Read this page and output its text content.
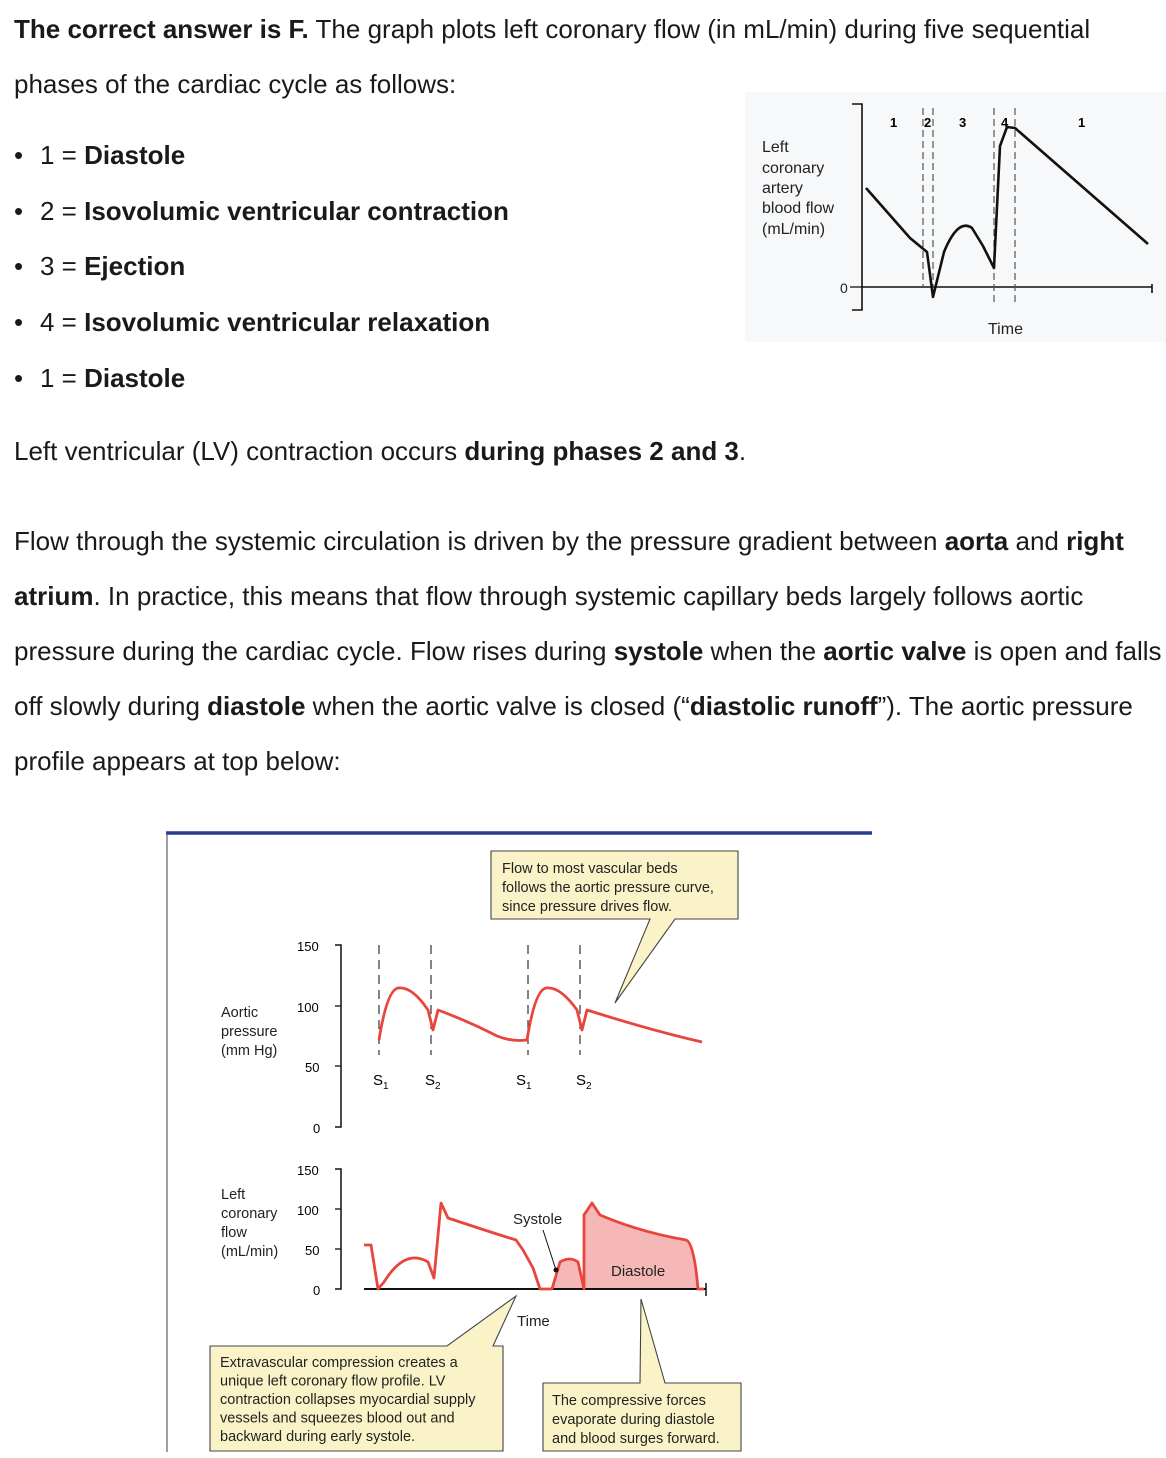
The correct answer is F. The graph plots left coronary flow (in mL/min) during five sequential phases of the cardiac cycle as follows:

• 1 = Diastole
• 2 = Isovolumic ventricular contraction
• 3 = Ejection
• 4 = Isovolumic ventricular relaxation
• 1 = Diastole
Left coronary artery blood flow (mL/min)
0
Time
1 2 3	4	1

Left ventricular (LV) contraction occurs during phases 2 and 3.

Flow through the systemic circulation is driven by the pressure gradient between aorta and right atrium. In practice, this means that flow through systemic capillary beds largely follows aortic pressure during the cardiac cycle. Flow rises during systole when the aortic valve is open and falls off slowly during diastole when the aortic valve is closed (“diastolic runoff”). The aortic pressure profile appears at top below:

Flow to most vascular beds follows the aortic pressure curve, since pressure drives flow.
Aortic pressure (mm Hg)
150
100
50
0
$S_1$ $S_2$	$S_1$	$S_2$
Left coronary flow (mL/min)
150
100
50
0
Systole
Diastole
Time
Extravascular compression creates a unique left coronary flow profile. LV contraction collapses myocardial supply vessels and squeezes blood out and backward during early systole.
The compressive forces evaporate during diastole and blood surges forward.
